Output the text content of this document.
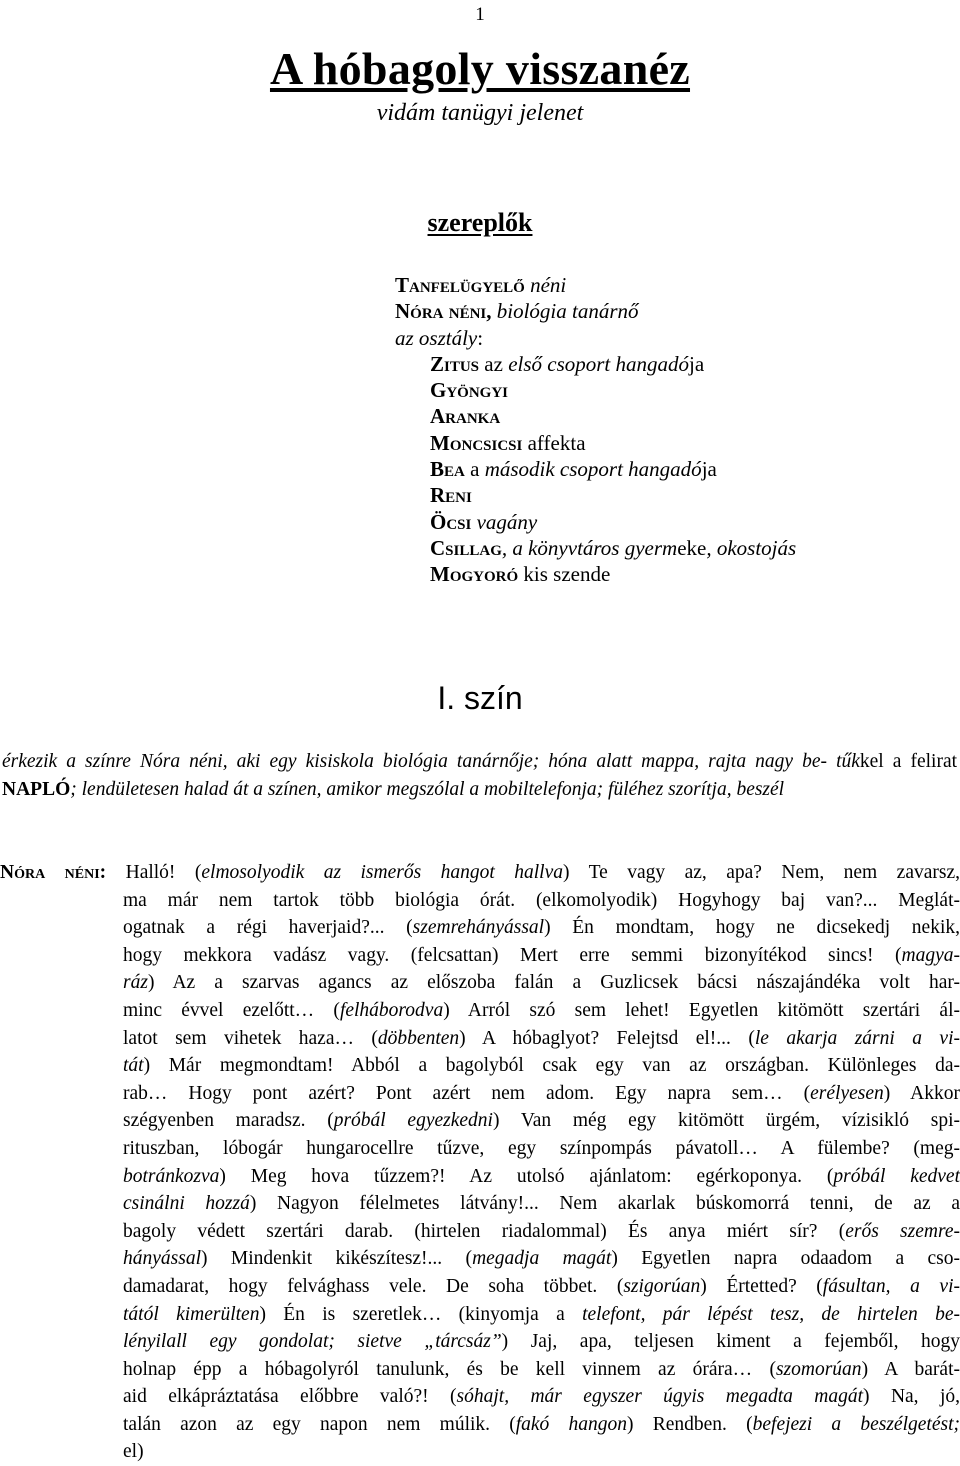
1
A hóbagoly visszanéz
vidám tanügyi jelenet
szereplők
Tanfelügyelő néni
Nóra néni, biológia tanárnő
az osztály:
Zitus az első csoport hangadója
Gyöngyi
Aranka
Moncsicsi affekta
Bea a második csoport hangadója
Reni
Öcsi vagány
Csillag, a könyvtáros gyermeke, okostojás
Mogyoró kis szende
I. szín
érkezik a színre Nóra néni, aki egy kisiskola biológia tanárnője; hóna alatt mappa, rajta nagy be- tűkkel a felirat NAPLÓ; lendületesen halad át a színen, amikor megszólal a mobiltelefonja; füléhez szorítja, beszél
Nóra néni: Halló! (elmosolyodik az ismerős hangot hallva) Te vagy az, apa? Nem, nem zavarsz,
ma már nem tartok több biológia órát. (elkomolyodik) Hogyhogy baj van?... Meglát-
ogatnak a régi haverjaid?... (szemrehányással) Én mondtam, hogy ne dicsekedj nekik,
hogy mekkora vadász vagy. (felcsattan) Mert erre semmi bizonyítékod sincs! (magya-
ráz) Az a szarvas agancs az előszoba falán a Guzlicsek bácsi nászajándéka volt har-
minc évvel ezelőtt… (felháborodva) Arról szó sem lehet! Egyetlen kitömött szertári ál-
latot sem vihetek haza… (döbbenten) A hóbaglyot? Felejtsd el!... (le akarja zárni a vi-
tát) Már megmondtam! Abból a bagolyból csak egy van az országban. Különleges da-
rab… Hogy pont azért? Pont azért nem adom. Egy napra sem… (erélyesen) Akkor
szégyenben maradsz. (próbál egyezkedni) Van még egy kitömött ürgém, vízisikló spi-
rituszban, lóbogár hungarocellre tűzve, egy színpompás pávatoll… A fülembe? (meg-
botránkozva) Meg hova tűzzem?! Az utolsó ajánlatom: egérkoponya. (próbál kedvet
csinálni hozzá) Nagyon félelmetes látvány!... Nem akarlak búskomorrá tenni, de az a
bagoly védett szertári darab. (hirtelen riadalommal) És anya miért sír? (erős szemre-
hányással) Mindenkit kikészítesz!... (megadja magát) Egyetlen napra odaadom a cso-
damadarat, hogy felvághass vele. De soha többet. (szigorúan) Értetted? (fásultan, a vi-
tától kimerülten) Én is szeretlek… (kinyomja a telefont, pár lépést tesz, de hirtelen be-
lényilall egy gondolat; sietve „tárcsáz”) Jaj, apa, teljesen kiment a fejemből, hogy
holnap épp a hóbagolyról tanulunk, és be kell vinnem az órára… (szomorúan) A barát-
aid elkápráztatása előbbre való?! (sóhajt, már egyszer úgyis megadta magát) Na, jó,
talán azon az egy napon nem múlik. (fakó hangon) Rendben. (befejezi a beszélgetést;
el)
